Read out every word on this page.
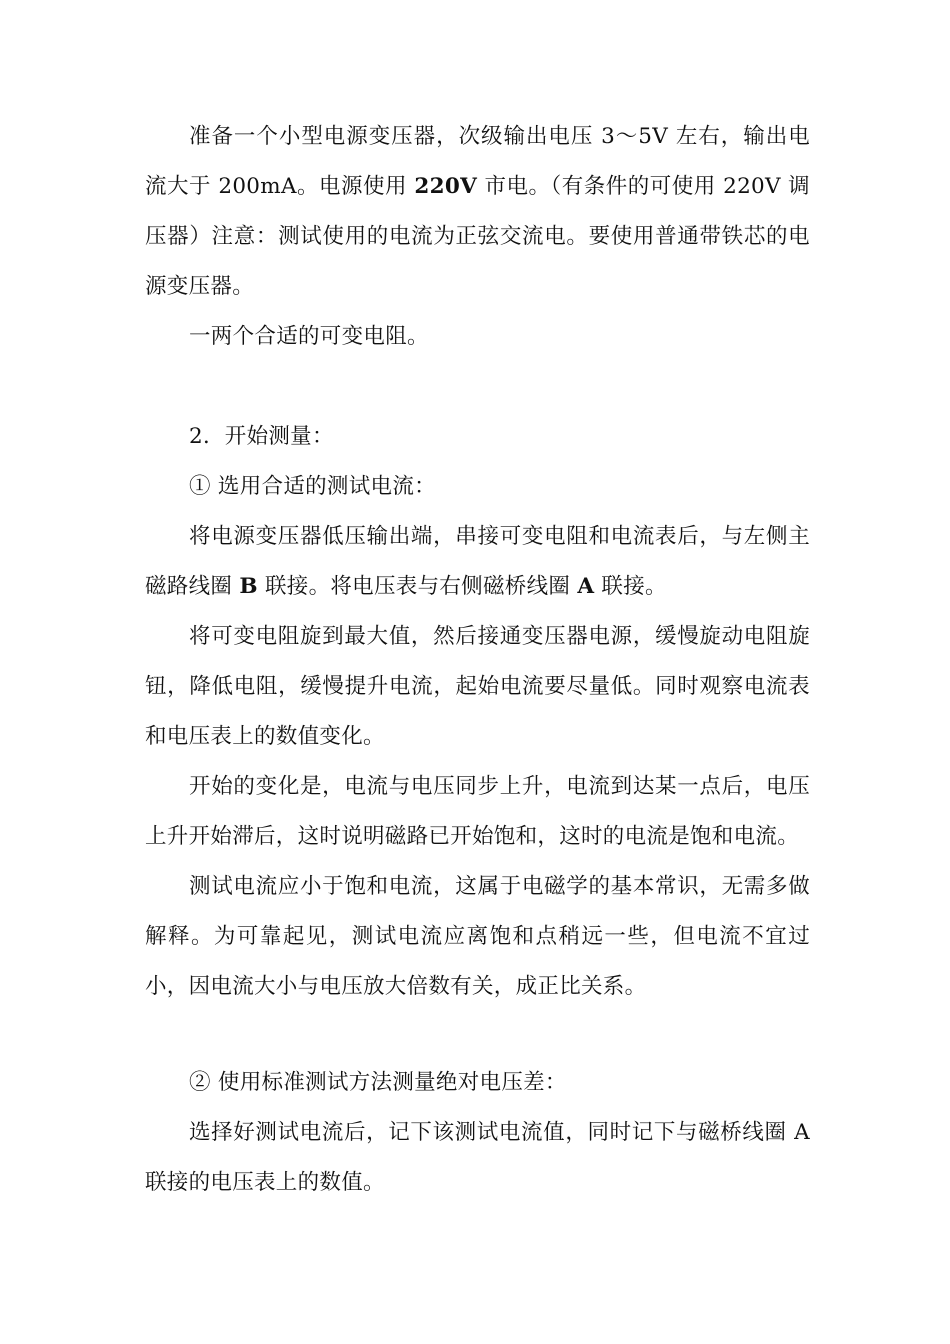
准备一个小型电源变压器，次级输出电压 3～5V 左右，输出电流大于 200mA。电源使用 220V 市电。（有条件的可使用 220V 调压器）注意：测试使用的电流为正弦交流电。要使用普通带铁芯的电源变压器。

一两个合适的可变电阻。

2．开始测量：

① 选用合适的测试电流：

将电源变压器低压输出端，串接可变电阻和电流表后，与左侧主磁路线圈 B 联接。将电压表与右侧磁桥线圈 A 联接。

将可变电阻旋到最大值，然后接通变压器电源，缓慢旋动电阻旋钮，降低电阻，缓慢提升电流，起始电流要尽量低。同时观察电流表和电压表上的数值变化。

开始的变化是，电流与电压同步上升，电流到达某一点后，电压上升开始滞后，这时说明磁路已开始饱和，这时的电流是饱和电流。

测试电流应小于饱和电流，这属于电磁学的基本常识，无需多做解释。为可靠起见，测试电流应离饱和点稍远一些，但电流不宜过小，因电流大小与电压放大倍数有关，成正比关系。

② 使用标准测试方法测量绝对电压差：

选择好测试电流后，记下该测试电流值，同时记下与磁桥线圈 A 联接的电压表上的数值。
